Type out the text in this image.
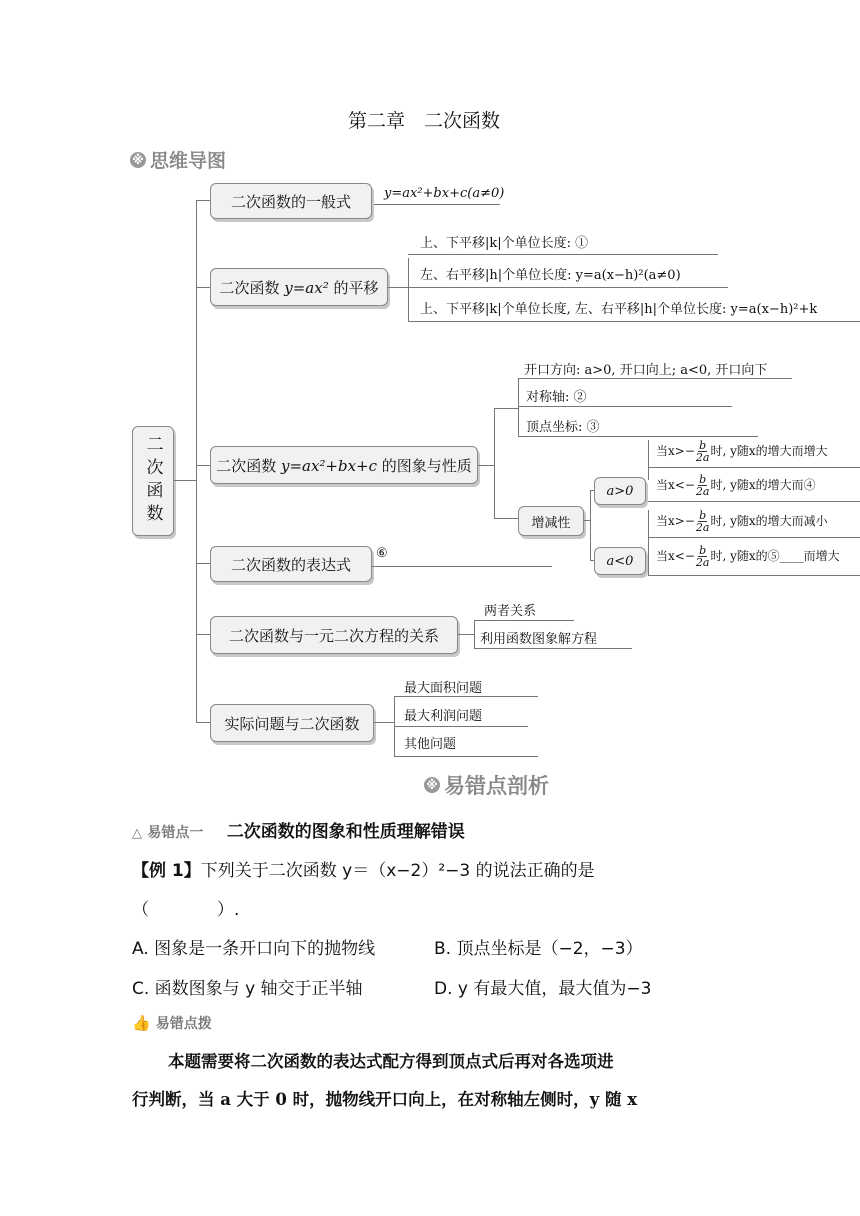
第二章　二次函数
※ 思维导图
二次函数
二次函数的一般式	y=ax²+bx+c(a≠0)
二次函数 y=ax² 的平移
上、下平移|k|个单位长度: ①
左、右平移|h|个单位长度: y=a(x−h)²(a≠0)
上、下平移|k|个单位长度, 左、右平移|h|个单位长度: y=a(x−h)²+k
二次函数 y=ax²+bx+c 的图象与性质
开口方向: a>0, 开口向上; a<0, 开口向下
对称轴: ②
顶点坐标: ③
增减性
a>0
a<0
当$x>- \frac{b}{2a}$ 时, y随x的增大而增大
当$x<- \frac{b}{2a}$ 时, y随x的增大而④
当$x>- \frac{b}{2a}$ 时, y随x的增大而减小
当$x<- \frac{b}{2a}$ 时, y随x的⑤____而增大
二次函数的表达式
⑥
二次函数与一元二次方程的关系
两者关系
利用函数图象解方程
实际问题与二次函数
最大面积问题
最大利润问题
其他问题
※ 易错点剖析
△ 易错点一 二次函数的图象和性质理解错误
【例 1】下列关于二次函数 y＝（x−2）²−3 的说法正确的是
（　　　　）.
A. 图象是一条开口向下的抛物线	B. 顶点坐标是（−2，−3）
C. 函数图象与 y 轴交于正半轴	D. y 有最大值，最大值为−3
👍 易错点拨
本题需要将二次函数的表达式配方得到顶点式后再对各选项进
行判断，当 a 大于 0 时，抛物线开口向上，在对称轴左侧时，y 随 x
